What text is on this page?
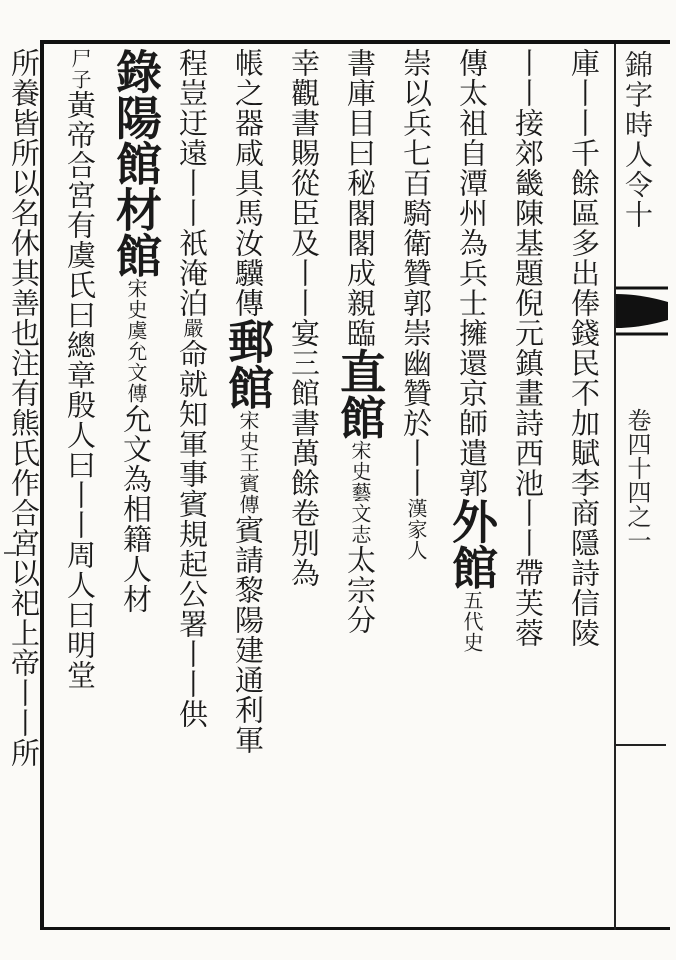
錦字時人令十
卷四十四之一
庫丨丨千餘區多出俸錢民不加賦李商隱詩信陵
丨丨接郊畿陳基題倪元鎮畫詩西池丨丨帶芙蓉
傳太祖自潭州為兵士擁還京師遣郭外館五代史
崇以兵七百騎衛贊郭崇幽贊於丨丨漢家人
書庫目曰秘閣閣成親臨直館宋史藝文志太宗分
幸觀書賜從臣及丨丨宴三館書萬餘卷別為
帳之器咸具馬汝驥傳郵館宋史王賓傳賓請黎陽建通利軍
程豈迂遠丨丨祇淹泊嚴命就知軍事賓規起公署丨丨供
錄陽館材館宋史虞允文傳允文為相籍人材
尸子黃帝合宮有虞氏曰總章殷人曰丨丨周人曰明堂
所養皆所以名休其善也注有熊氏作合宮以祀上帝丨丨所
